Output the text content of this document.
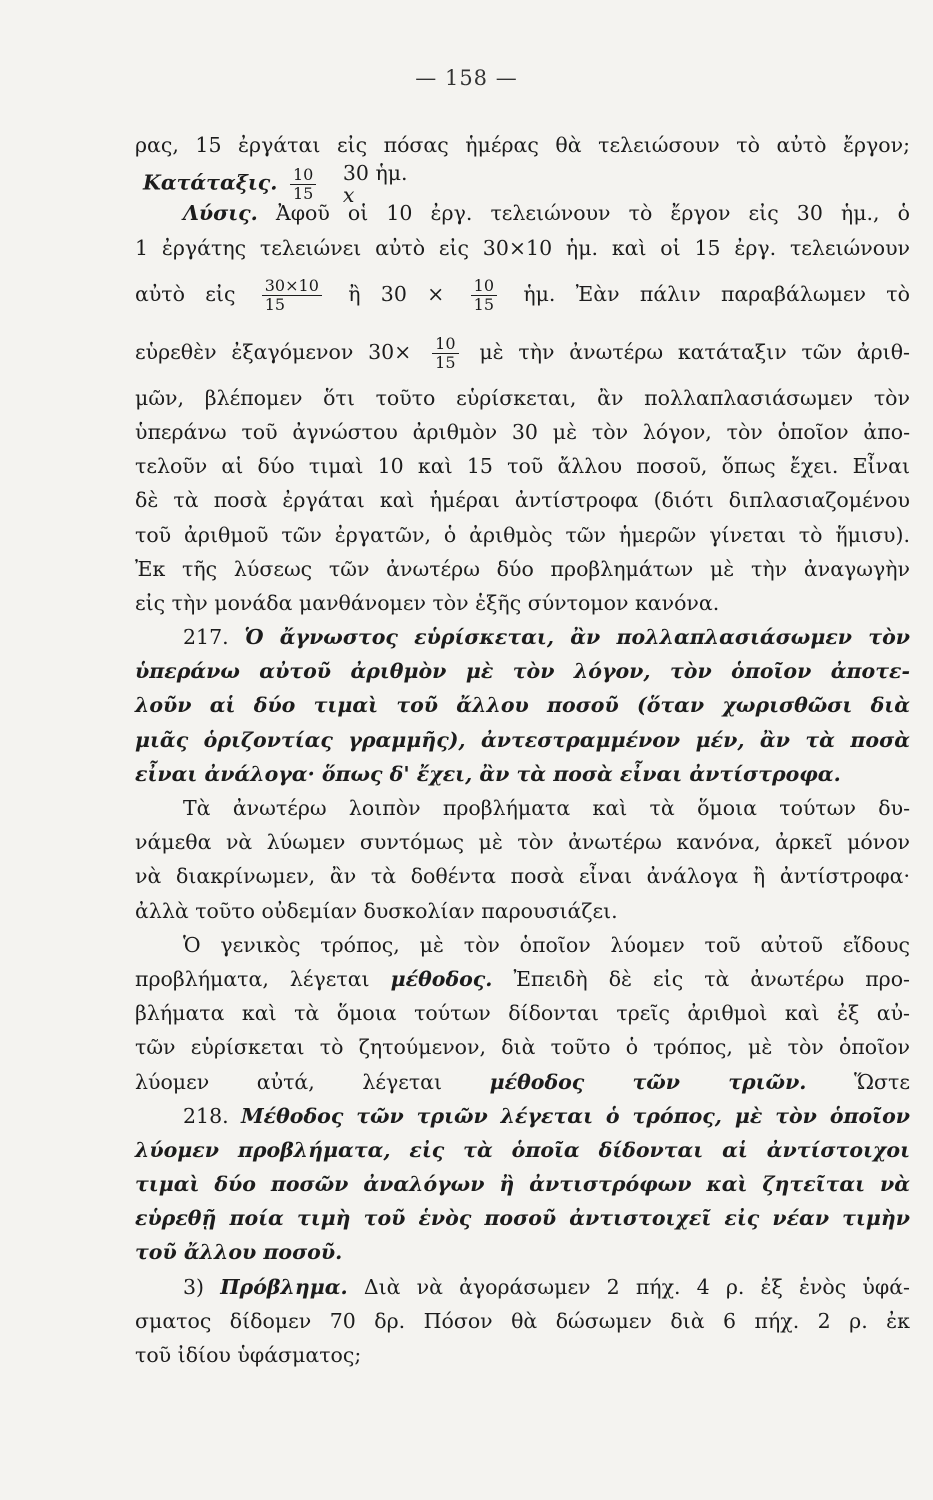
— 158 —
ρας, 15 ἐργάται εἰς πόσας ἡμέρας θὰ τελειώσουν τὸ αὐτὸ ἔργον;
Κατάταξις. $\frac{10}{15}$
30 ἡμ.
x
Λύσις. Ἀφοῦ οἱ 10 ἐργ. τελειώνουν τὸ ἔργον εἰς 30 ἡμ., ὁ
1 ἐργάτης τελειώνει αὐτὸ εἰς 30×10 ἡμ. καὶ οἱ 15 ἐργ. τελειώνουν
αὐτὸ εἰς $\frac{30\times 10}{15}$ ἢ $30 \times \frac{10}{15}$ ἡμ. Ἐὰν πάλιν παραβάλωμεν τὸ
εὑρεθὲν ἐξαγόμενον $30\times \frac{10}{15}$ μὲ τὴν ἀνωτέρω κατάταξιν τῶν ἀριθ-
μῶν, βλέπομεν ὅτι τοῦτο εὑρίσκεται, ἂν πολλαπλασιάσωμεν τὸν
ὑπεράνω τοῦ ἀγνώστου ἀριθμὸν 30 μὲ τὸν λόγον, τὸν ὁποῖον ἀπο-
τελοῦν αἱ δύο τιμαὶ 10 καὶ 15 τοῦ ἄλλου ποσοῦ, ὅπως ἔχει. Εἶναι
δὲ τὰ ποσὰ ἐργάται καὶ ἡμέραι ἀντίστροφα (διότι διπλασιαζομένου
τοῦ ἀριθμοῦ τῶν ἐργατῶν, ὁ ἀριθμὸς τῶν ἡμερῶν γίνεται τὸ ἥμισυ).
Ἐκ τῆς λύσεως τῶν ἀνωτέρω δύο προβλημάτων μὲ τὴν ἀναγωγὴν
εἰς τὴν μονάδα μανθάνομεν τὸν ἑξῆς σύντομον κανόνα.
217. Ὁ ἄγνωστος εὑρίσκεται, ἂν πολλαπλασιάσωμεν τὸν
ὑπεράνω αὐτοῦ ἀριθμὸν μὲ τὸν λόγον, τὸν ὁποῖον ἀποτε-
λοῦν αἱ δύο τιμαὶ τοῦ ἄλλου ποσοῦ (ὅταν χωρισθῶσι διὰ
μιᾶς ὁριζοντίας γραμμῆς), ἀντεστραμμένον μέν, ἂν τὰ ποσὰ
εἶναι ἀνάλογα· ὅπως δ' ἔχει, ἂν τὰ ποσὰ εἶναι ἀντίστροφα.
Τὰ ἀνωτέρω λοιπὸν προβλήματα καὶ τὰ ὅμοια τούτων δυ-
νάμεθα νὰ λύωμεν συντόμως μὲ τὸν ἀνωτέρω κανόνα, ἀρκεῖ μόνον
νὰ διακρίνωμεν, ἂν τὰ δοθέντα ποσὰ εἶναι ἀνάλογα ἢ ἀντίστροφα·
ἀλλὰ τοῦτο οὐδεμίαν δυσκολίαν παρουσιάζει.
Ὁ γενικὸς τρόπος, μὲ τὸν ὁποῖον λύομεν τοῦ αὐτοῦ εἴδους
προβλήματα, λέγεται μέθοδος. Ἐπειδὴ δὲ εἰς τὰ ἀνωτέρω προ-
βλήματα καὶ τὰ ὅμοια τούτων δίδονται τρεῖς ἀριθμοὶ καὶ ἐξ αὐ-
τῶν εὑρίσκεται τὸ ζητούμενον, διὰ τοῦτο ὁ τρόπος, μὲ τὸν ὁποῖον
λύομεν αὐτά, λέγεται μέθοδος τῶν τριῶν. Ὥστε
218. Μέθοδος τῶν τριῶν λέγεται ὁ τρόπος, μὲ τὸν ὁποῖον
λύομεν προβλήματα, εἰς τὰ ὁποῖα δίδονται αἱ ἀντίστοιχοι
τιμαὶ δύο ποσῶν ἀναλόγων ἢ ἀντιστρόφων καὶ ζητεῖται νὰ
εὑρεθῇ ποία τιμὴ τοῦ ἑνὸς ποσοῦ ἀντιστοιχεῖ εἰς νέαν τιμὴν
τοῦ ἄλλου ποσοῦ.
3) Πρόβλημα. Διὰ νὰ ἀγοράσωμεν 2 πήχ. 4 ρ. ἐξ ἑνὸς ὑφά-
σματος δίδομεν 70 δρ. Πόσον θὰ δώσωμεν διὰ 6 πήχ. 2 ρ. ἐκ
τοῦ ἰδίου ὑφάσματος;
